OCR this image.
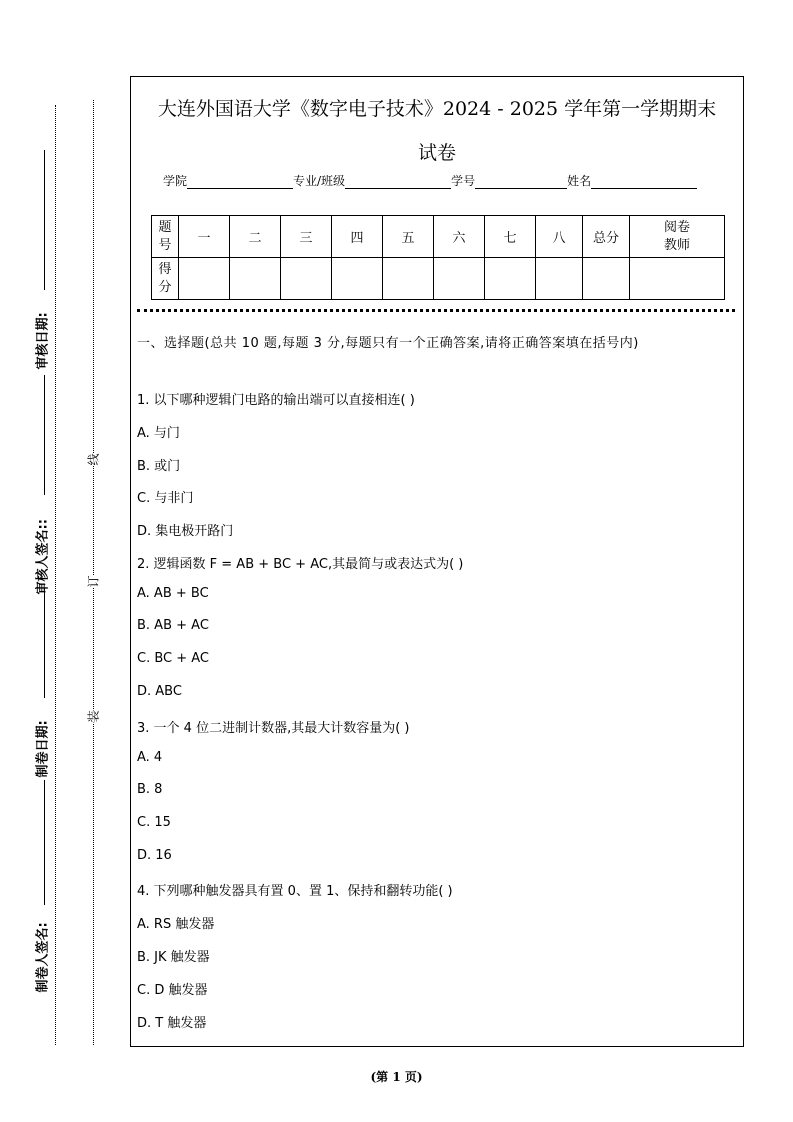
审核日期:
审核人签名::
制卷日期:
制卷人签名:
线
订
装
大连外国语大学《数字电子技术》2024 - 2025 学年第一学期期末
试卷
学院	专业/班级	学号	姓名
题
号	一	二	三	四	五	六	七	八	总分	阅卷
教师

得
分										

一、选择题(总共 10 题,每题 3 分,每题只有一个正确答案,请将正确答案填在括号内)
1. 以下哪种逻辑门电路的输出端可以直接相连( )
A. 与门
B. 或门
C. 与非门
D. 集电极开路门
2. 逻辑函数 F = AB + BC + AC,其最简与或表达式为( )
A. AB + BC
B. AB + AC
C. BC + AC
D. ABC
3. 一个 4 位二进制计数器,其最大计数容量为( )
A. 4
B. 8
C. 15
D. 16
4. 下列哪种触发器具有置 0、置 1、保持和翻转功能( )
A. RS 触发器
B. JK 触发器
C. D 触发器
D. T 触发器
(第 1 页)
